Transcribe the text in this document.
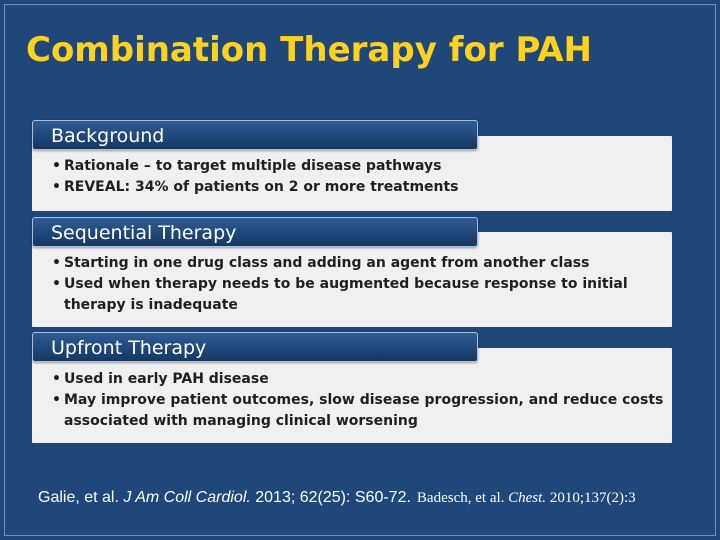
Combination Therapy for PAH
Background
• Rationale – to target multiple disease pathways
• REVEAL: 34% of patients on 2 or more treatments
Sequential Therapy
• Starting in one drug class and adding an agent from another class
• Used when therapy needs to be augmented because response to initial therapy is inadequate
Upfront Therapy
• Used in early PAH disease
• May improve patient outcomes, slow disease progression, and reduce costs associated with managing clinical worsening
Galie, et al. J Am Coll Cardiol. 2013; 62(25): S60-72. Badesch, et al. Chest. 2010;137(2):3
